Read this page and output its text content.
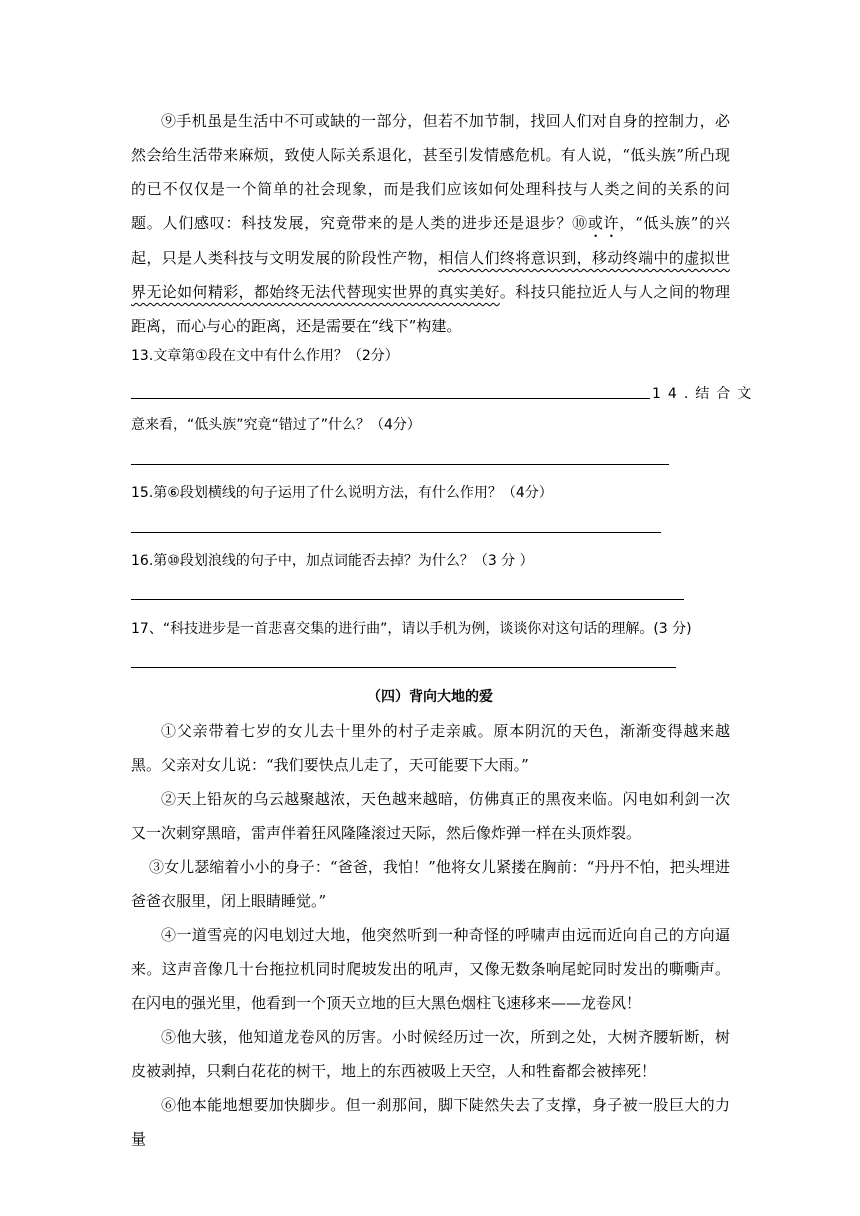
⑨手机虽是生活中不可或缺的一部分，但若不加节制，找回人们对自身的控制力，必然会给生活带来麻烦，致使人际关系退化，甚至引发情感危机。有人说，“低头族”所凸现的已不仅仅是一个简单的社会现象，而是我们应该如何处理科技与人类之间的关系的问题。人们感叹：科技发展，究竟带来的是人类的进步还是退步？⑩或许，“低头族”的兴起，只是人类科技与文明发展的阶段性产物，相信人们终将意识到，移动终端中的虚拟世界无论如何精彩，都始终无法代替现实世界的真实美好。科技只能拉近人与人之间的物理距离，而心与心的距离，还是需要在“线下”构建。

13.文章第①段在文中有什么作用？（2分）

14.结合文

意来看，“低头族”究竟“错过了”什么？（4分）

15.第⑥段划横线的句子运用了什么说明方法，有什么作用？（4分）

16.第⑩段划浪线的句子中，加点词能否去掉？为什么？（3 分 ）

17、“科技进步是一首悲喜交集的进行曲”，请以手机为例，谈谈你对这句话的理解。(3 分)

（四）背向大地的爱

①父亲带着七岁的女儿去十里外的村子走亲戚。原本阴沉的天色，渐渐变得越来越黑。父亲对女儿说：“我们要快点儿走了，天可能要下大雨。”

②天上铅灰的乌云越聚越浓，天色越来越暗，仿佛真正的黑夜来临。闪电如利剑一次又一次刺穿黑暗，雷声伴着狂风隆隆滚过天际，然后像炸弹一样在头顶炸裂。

③女儿瑟缩着小小的身子：“爸爸，我怕！”他将女儿紧搂在胸前：“丹丹不怕，把头埋进爸爸衣服里，闭上眼睛睡觉。”

④一道雪亮的闪电划过大地，他突然听到一种奇怪的呼啸声由远而近向自己的方向逼来。这声音像几十台拖拉机同时爬坡发出的吼声，又像无数条响尾蛇同时发出的嘶嘶声。在闪电的强光里，他看到一个顶天立地的巨大黑色烟柱飞速移来——龙卷风！

⑤他大骇，他知道龙卷风的厉害。小时候经历过一次，所到之处，大树齐腰斩断，树皮被剥掉，只剩白花花的树干，地上的东西被吸上天空，人和牲畜都会被摔死！

⑥他本能地想要加快脚步。但一刹那间，脚下陡然失去了支撑，身子被一股巨大的力量
